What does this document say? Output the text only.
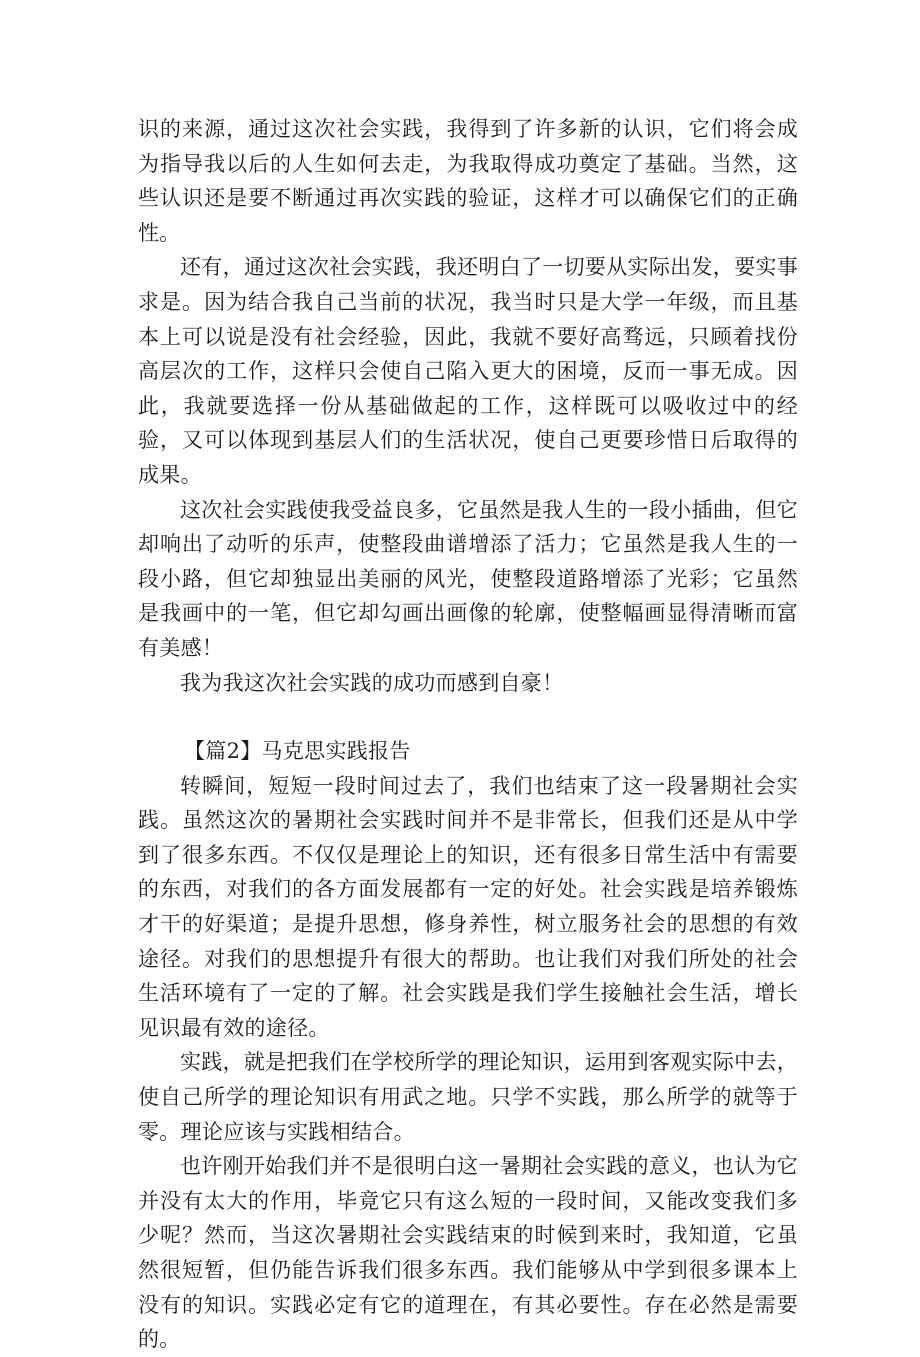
识的来源，通过这次社会实践，我得到了许多新的认识，它们将会成为指导我以后的人生如何去走，为我取得成功奠定了基础。当然，这些认识还是要不断通过再次实践的验证，这样才可以确保它们的正确性。

还有，通过这次社会实践，我还明白了一切要从实际出发，要实事求是。因为结合我自己当前的状况，我当时只是大学一年级，而且基本上可以说是没有社会经验，因此，我就不要好高骛远，只顾着找份高层次的工作，这样只会使自己陷入更大的困境，反而一事无成。因此，我就要选择一份从基础做起的工作，这样既可以吸收过中的经验，又可以体现到基层人们的生活状况，使自己更要珍惜日后取得的成果。

这次社会实践使我受益良多，它虽然是我人生的一段小插曲，但它却响出了动听的乐声，使整段曲谱增添了活力；它虽然是我人生的一段小路，但它却独显出美丽的风光，使整段道路增添了光彩；它虽然是我画中的一笔，但它却勾画出画像的轮廓，使整幅画显得清晰而富有美感！

我为我这次社会实践的成功而感到自豪！

【篇2】马克思实践报告

转瞬间，短短一段时间过去了，我们也结束了这一段暑期社会实践。虽然这次的暑期社会实践时间并不是非常长，但我们还是从中学到了很多东西。不仅仅是理论上的知识，还有很多日常生活中有需要的东西，对我们的各方面发展都有一定的好处。社会实践是培养锻炼才干的好渠道；是提升思想，修身养性，树立服务社会的思想的有效途径。对我们的思想提升有很大的帮助。也让我们对我们所处的社会生活环境有了一定的了解。社会实践是我们学生接触社会生活，增长见识最有效的途径。

实践，就是把我们在学校所学的理论知识，运用到客观实际中去，使自己所学的理论知识有用武之地。只学不实践，那么所学的就等于零。理论应该与实践相结合。

也许刚开始我们并不是很明白这一暑期社会实践的意义，也认为它并没有太大的作用，毕竟它只有这么短的一段时间，又能改变我们多少呢？然而，当这次暑期社会实践结束的时候到来时，我知道，它虽然很短暂，但仍能告诉我们很多东西。我们能够从中学到很多课本上没有的知识。实践必定有它的道理在，有其必要性。存在必然是需要的。
